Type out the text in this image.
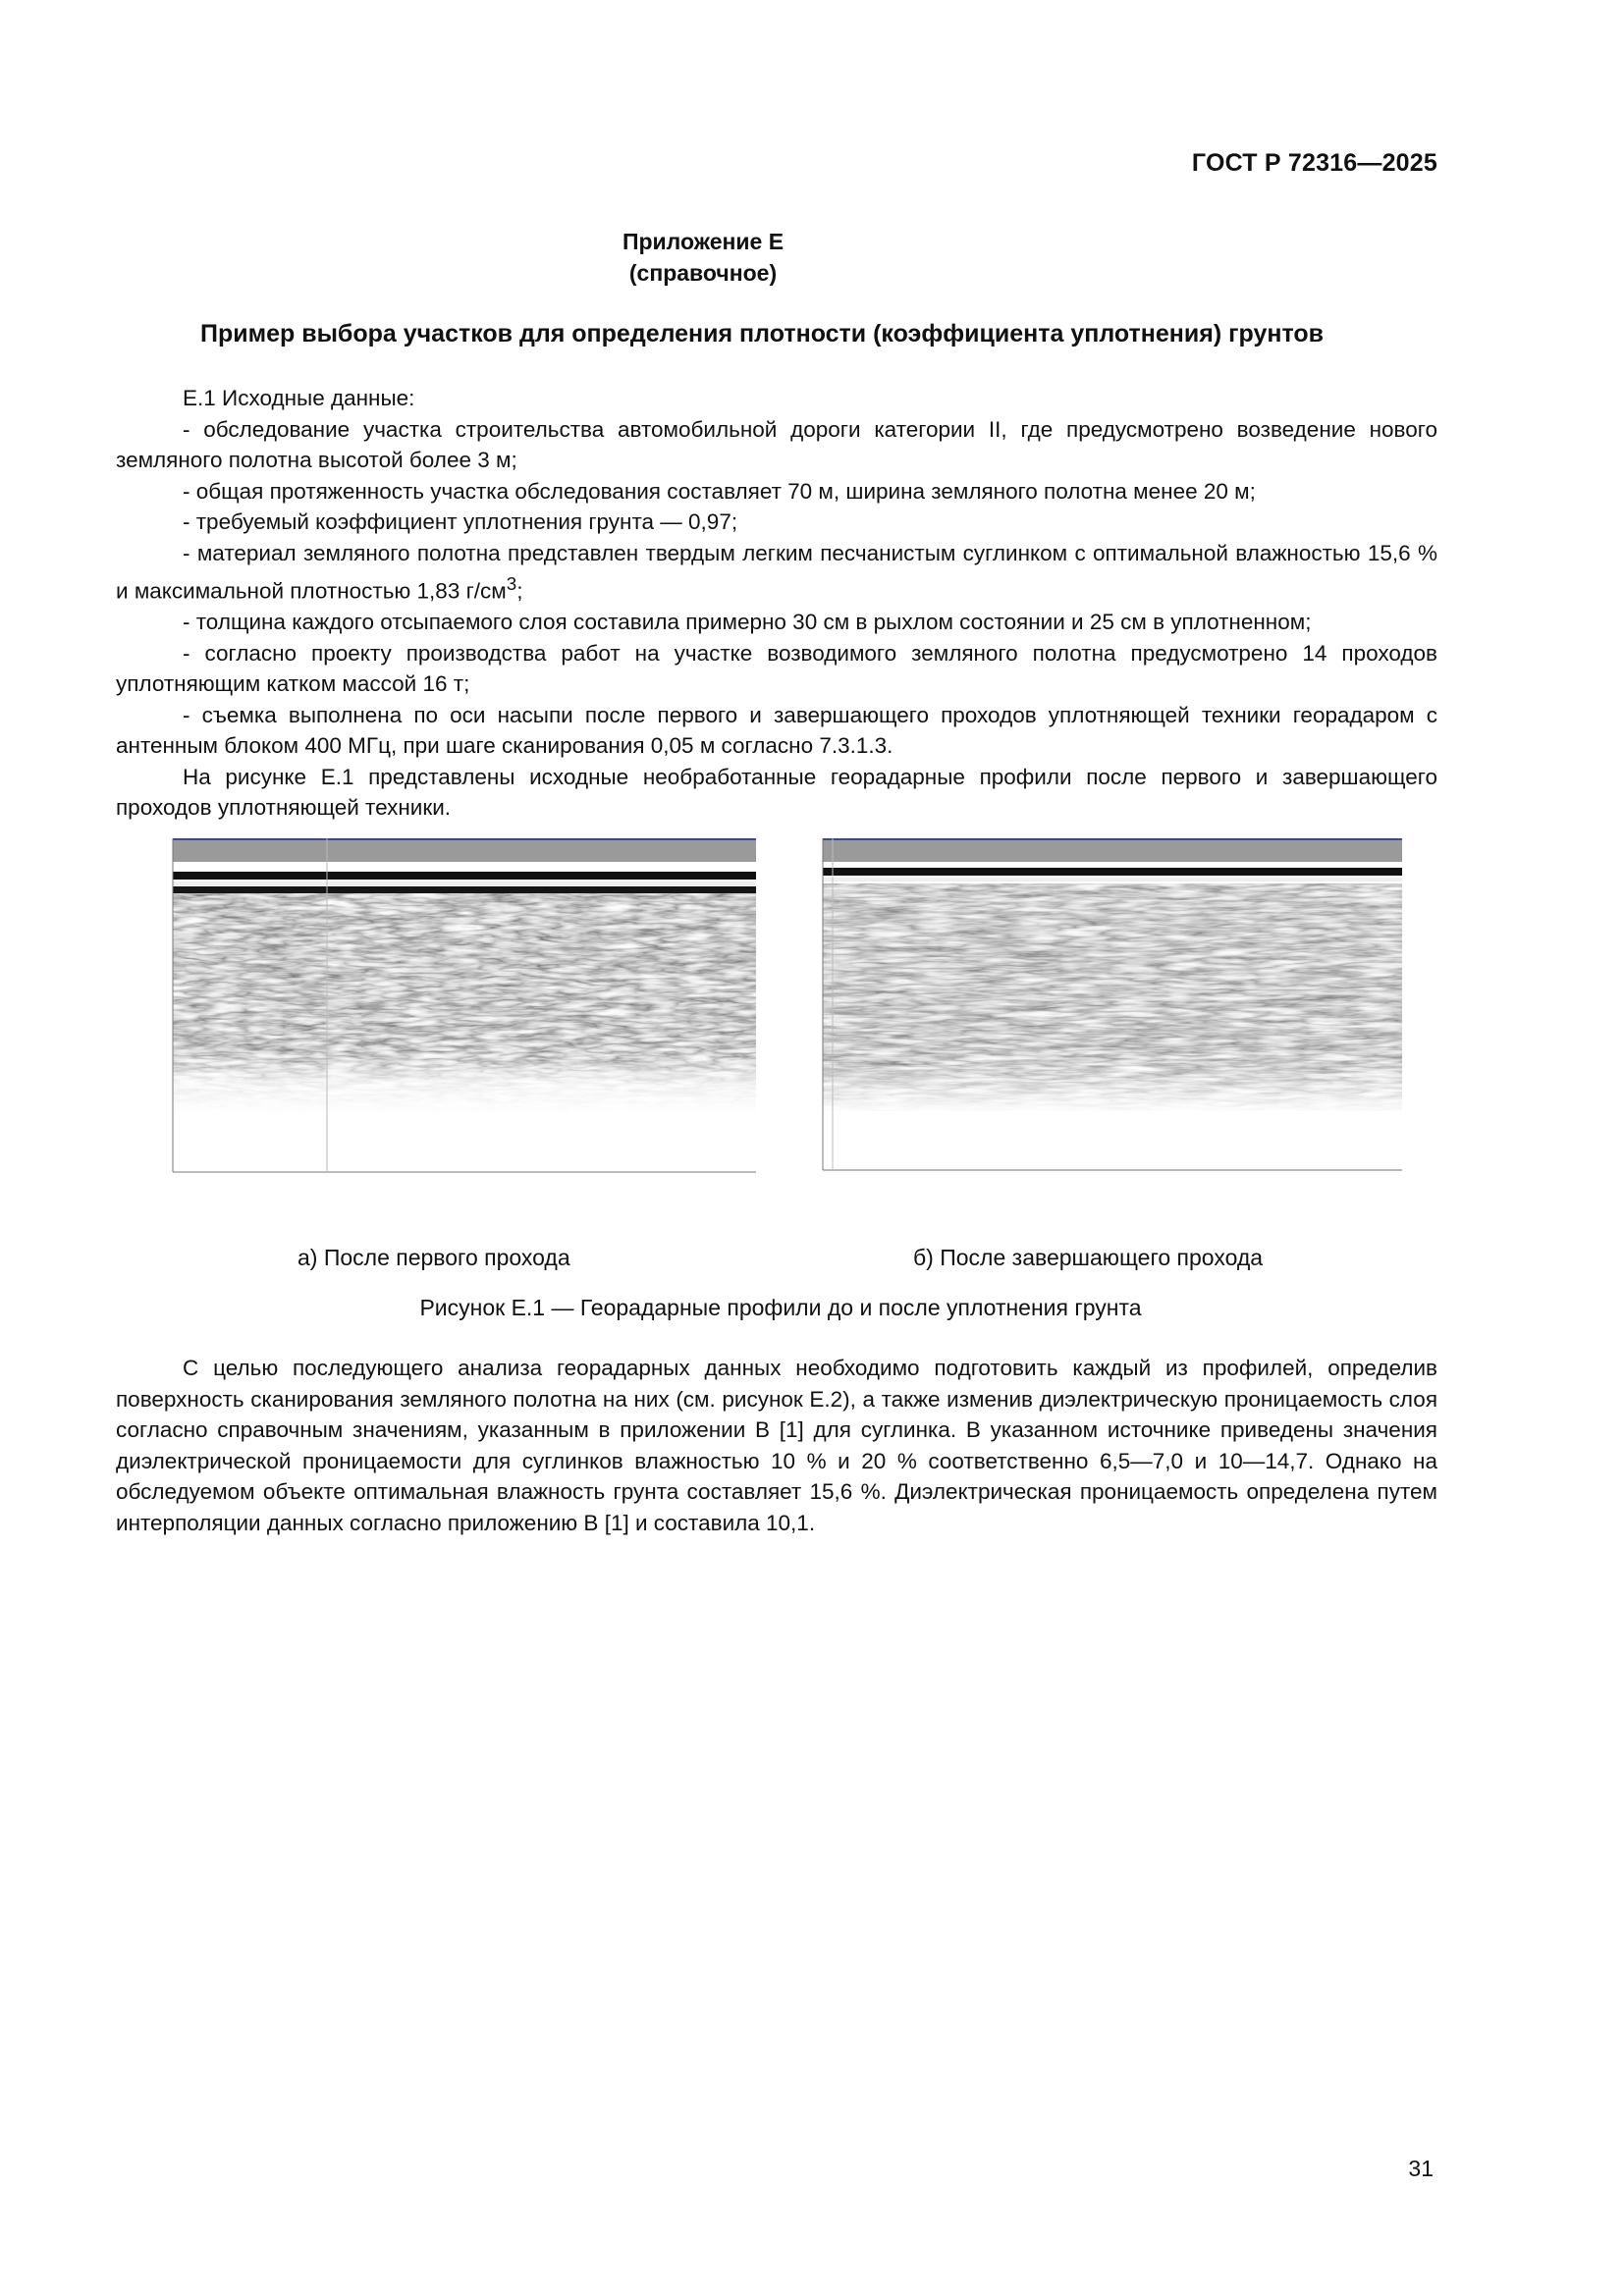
ГОСТ Р 72316—2025
Приложение Е
(справочное)
Пример выбора участков для определения плотности (коэффициента уплотнения) грунтов

Е.1 Исходные данные:

- обследование участка строительства автомобильной дороги категории II, где предусмотрено возведение нового земляного полотна высотой более 3 м;

- общая протяженность участка обследования составляет 70 м, ширина земляного полотна менее 20 м;

- требуемый коэффициент уплотнения грунта — 0,97;

- материал земляного полотна представлен твердым легким песчанистым суглинком с оптимальной влажностью 15,6 % и максимальной плотностью 1,83 $г/см^3$;

- толщина каждого отсыпаемого слоя составила примерно 30 см в рыхлом состоянии и 25 см в уплотненном;

- согласно проекту производства работ на участке возводимого земляного полотна предусмотрено 14 проходов уплотняющим катком массой 16 т;

- съемка выполнена по оси насыпи после первого и завершающего проходов уплотняющей техники георадаром с антенным блоком 400 МГц, при шаге сканирования 0,05 м согласно 7.3.1.3.

На рисунке Е.1 представлены исходные необработанные георадарные профили после первого и завершающего проходов уплотняющей техники.

а) После первого прохода	б) После завершающего прохода
Рисунок Е.1 — Георадарные профили до и после уплотнения грунта

С целью последующего анализа георадарных данных необходимо подготовить каждый из профилей, определив поверхность сканирования земляного полотна на них (см. рисунок Е.2), а также изменив диэлектрическую проницаемость слоя согласно справочным значениям, указанным в приложении В [1] для суглинка. В указанном источнике приведены значения диэлектрической проницаемости для суглинков влажностью 10 % и 20 % соответственно 6,5—7,0 и 10—14,7. Однако на обследуемом объекте оптимальная влажность грунта составляет 15,6 %. Диэлектрическая проницаемость определена путем интерполяции данных согласно приложению В [1] и составила 10,1.

31
